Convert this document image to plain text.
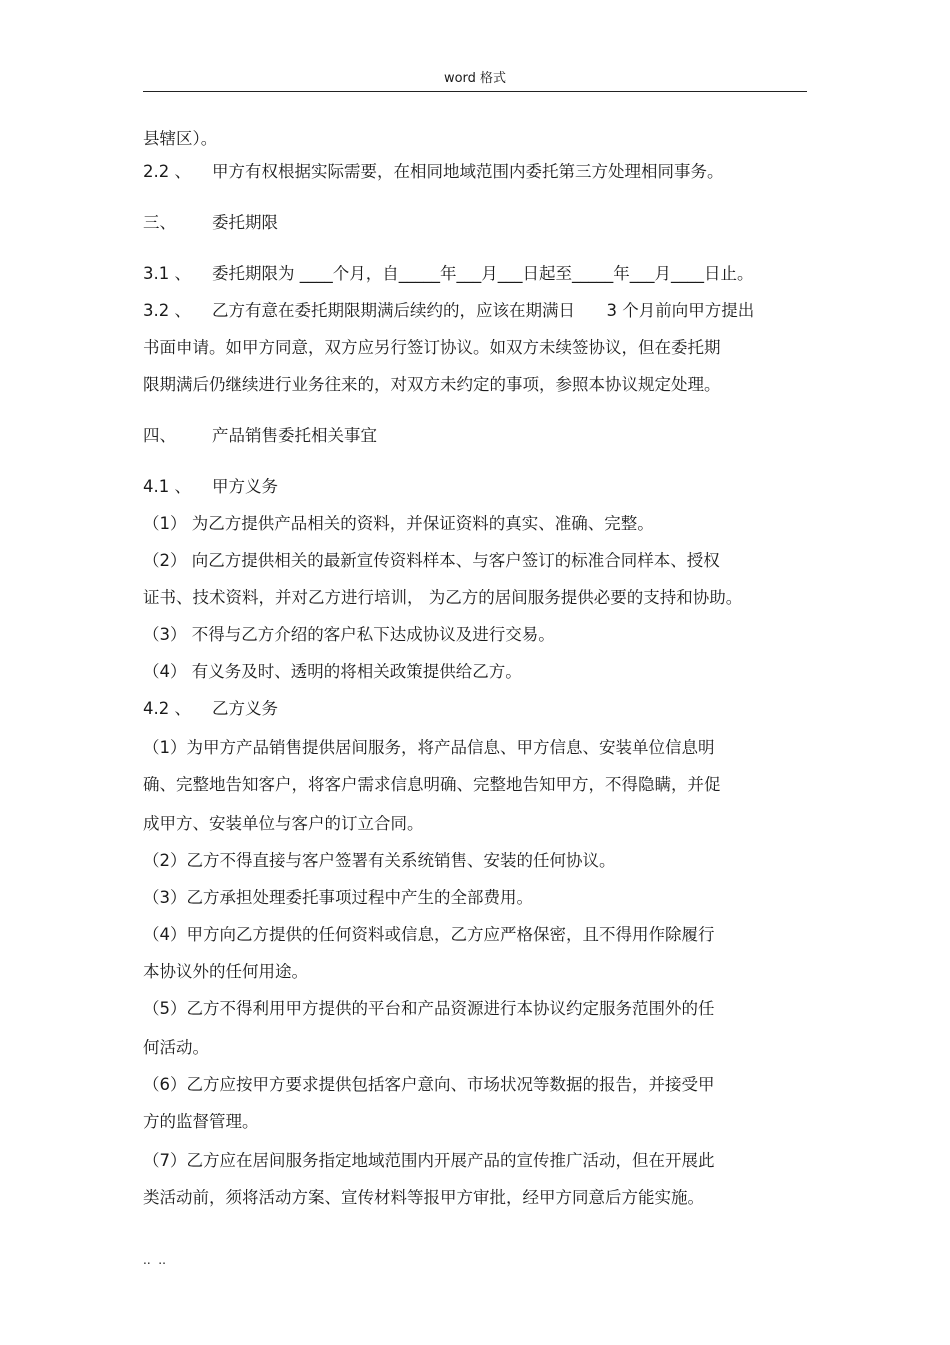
word 格式
县辖区）。
2.2 、 甲方有权根据实际需要，在相同地域范围内委托第三方处理相同事务。
三、 委托期限
3.1 、 委托期限为 ____个月，自_____年___月___日起至_____年___月____日止。
3.2 、 乙方有意在委托期限期满后续约的，应该在期满日      3 个月前向甲方提出
书面申请。如甲方同意，双方应另行签订协议。如双方未续签协议，但在委托期
限期满后仍继续进行业务往来的，对双方未约定的事项，参照本协议规定处理。
四、 产品销售委托相关事宜
4.1 、 甲方义务
（1） 为乙方提供产品相关的资料，并保证资料的真实、准确、完整。
（2） 向乙方提供相关的最新宣传资料样本、与客户签订的标准合同样本、授权
证书、技术资料，并对乙方进行培训， 为乙方的居间服务提供必要的支持和协助。
（3） 不得与乙方介绍的客户私下达成协议及进行交易。
（4） 有义务及时、透明的将相关政策提供给乙方。
4.2 、 乙方义务
（1）为甲方产品销售提供居间服务，将产品信息、甲方信息、安装单位信息明
确、完整地告知客户，将客户需求信息明确、完整地告知甲方，不得隐瞒，并促
成甲方、安装单位与客户的订立合同。
（2）乙方不得直接与客户签署有关系统销售、安装的任何协议。
（3）乙方承担处理委托事项过程中产生的全部费用。
（4）甲方向乙方提供的任何资料或信息，乙方应严格保密，且不得用作除履行
本协议外的任何用途。
（5）乙方不得利用甲方提供的平台和产品资源进行本协议约定服务范围外的任
何活动。
（6）乙方应按甲方要求提供包括客户意向、市场状况等数据的报告，并接受甲
方的监督管理。
（7）乙方应在居间服务指定地域范围内开展产品的宣传推广活动，但在开展此
类活动前，须将活动方案、宣传材料等报甲方审批，经甲方同意后方能实施。
..  ..
